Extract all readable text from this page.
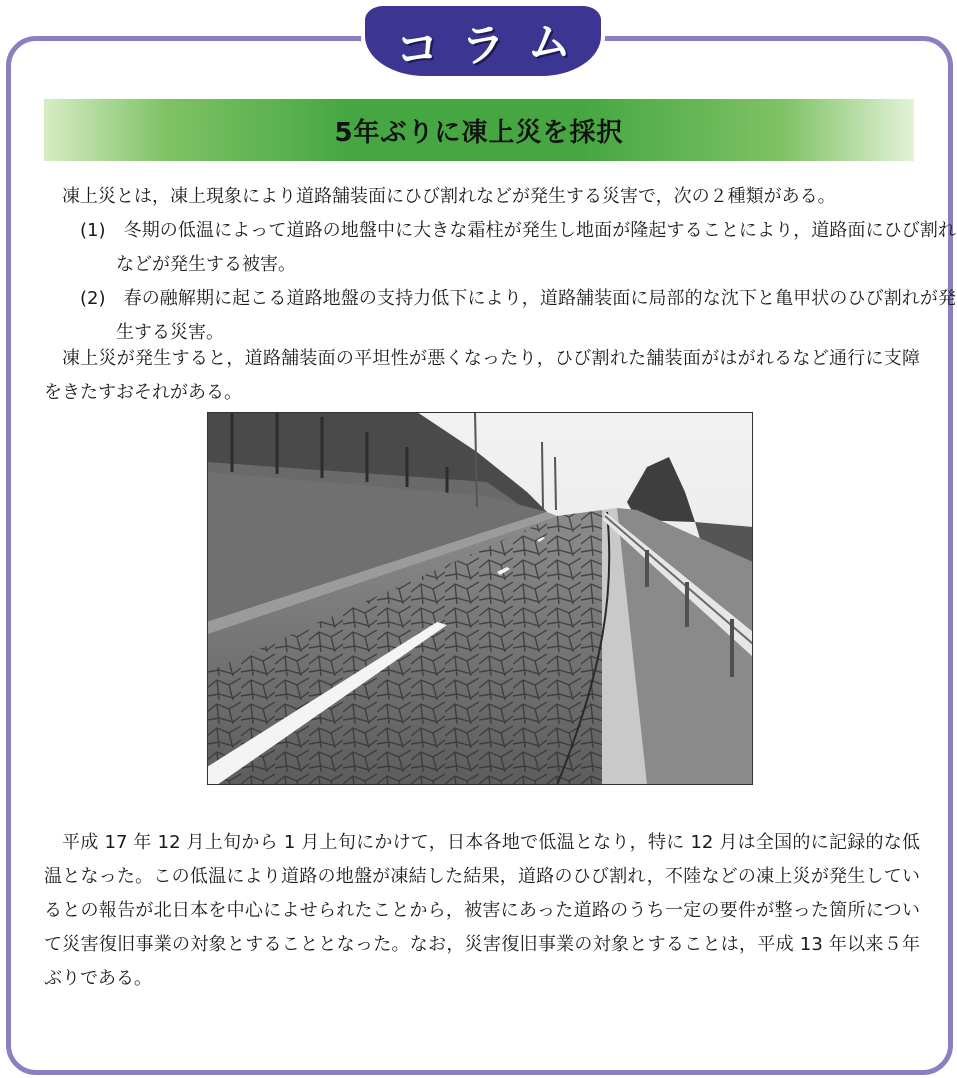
コラム
5年ぶりに凍上災を採択

凍上災とは，凍上現象により道路舗装面にひび割れなどが発生する災害で，次の２種類がある。

(1)  冬期の低温によって道路の地盤中に大きな霜柱が発生し地面が隆起することにより，道路面にひび割れなどが発生する被害。

(2)  春の融解期に起こる道路地盤の支持力低下により，道路舗装面に局部的な沈下と亀甲状のひび割れが発生する災害。

凍上災が発生すると，道路舗装面の平坦性が悪くなったり，ひび割れた舗装面がはがれるなど通行に支障をきたすおそれがある。

平成 17 年 12 月上旬から 1 月上旬にかけて，日本各地で低温となり，特に 12 月は全国的に記録的な低温となった。この低温により道路の地盤が凍結した結果，道路のひび割れ，不陸などの凍上災が発生しているとの報告が北日本を中心によせられたことから，被害にあった道路のうち一定の要件が整った箇所について災害復旧事業の対象とすることとなった。なお，災害復旧事業の対象とすることは，平成 13 年以来５年ぶりである。
